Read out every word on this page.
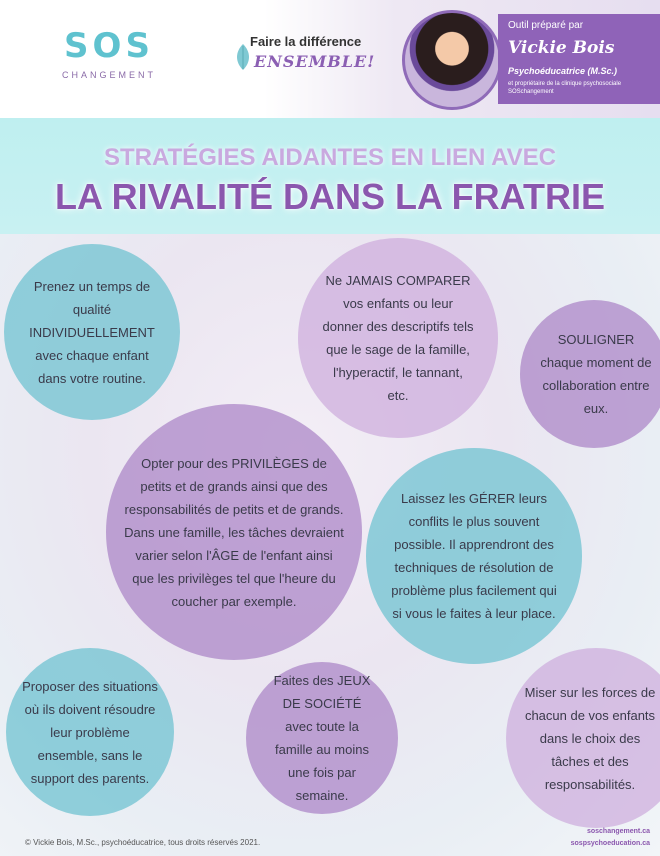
SOS
CHANGEMENT
Faire la différence
ENSEMBLE!
Outil préparé par
Vickie Bois
Psychoéducatrice (M.Sc.)
et propriétaire de la clinique psychosociale SOSchangement
STRATÉGIES AIDANTES EN LIEN AVEC
LA RIVALITÉ DANS LA FRATRIE
Prenez un temps de qualité INDIVIDUELLEMENT avec chaque enfant dans votre routine.
Ne JAMAIS COMPARER vos enfants ou leur donner des descriptifs tels que le sage de la famille, l'hyperactif, le tannant, etc.
SOULIGNER chaque moment de collaboration entre eux.
Opter pour des PRIVILÈGES de petits et de grands ainsi que des responsabilités de petits et de grands. Dans une famille, les tâches devraient varier selon l'ÂGE de l'enfant ainsi que les privilèges tel que l'heure du coucher par exemple.
Laissez les GÉRER leurs conflits le plus souvent possible. Il apprendront des techniques de résolution de problème plus facilement qui si vous le faites à leur place.
Proposer des situations où ils doivent résoudre leur problème ensemble, sans le support des parents.
Faites des JEUX DE SOCIÉTÉ avec toute la famille au moins une fois par semaine.
Miser sur les forces de chacun de vos enfants dans le choix des tâches et des responsabilités.
© Vickie Bois, M.Sc., psychoéducatrice, tous droits réservés 2021.
soschangement.ca
sospsychoeducation.ca
